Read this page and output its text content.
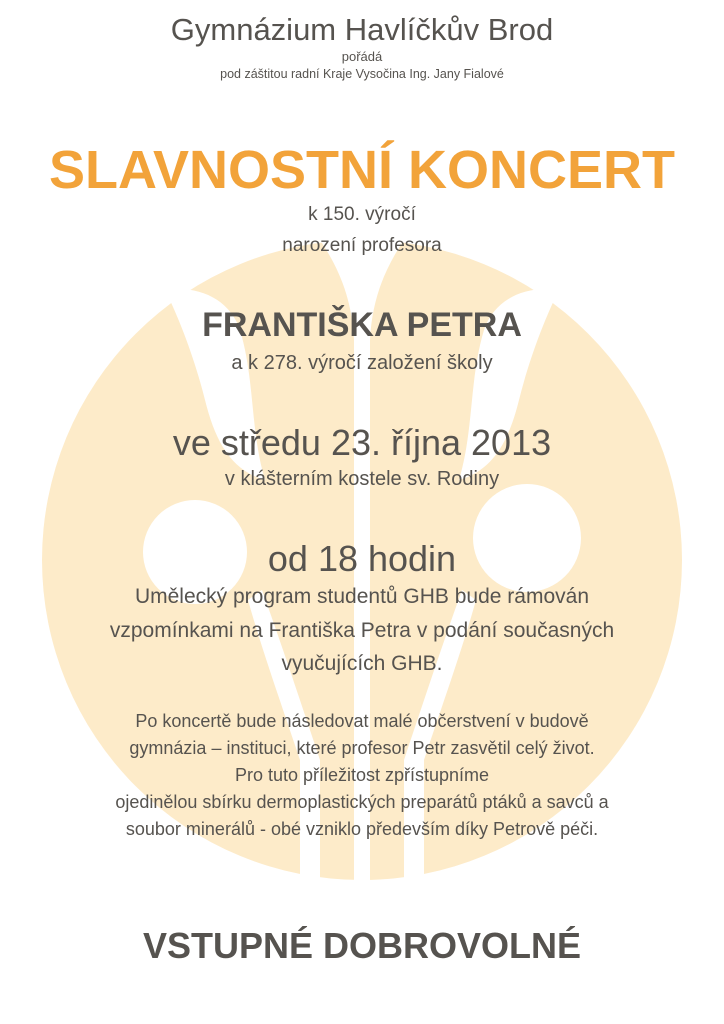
Gymnázium Havlíčkův Brod
pořádá
pod záštitou radní Kraje Vysočina Ing. Jany Fialové
SLAVNOSTNÍ KONCERT
k 150. výročí
narození profesora
FRANTIŠKA PETRA
a k 278. výročí založení školy
ve středu 23. října 2013
v klášterním kostele sv. Rodiny
od 18 hodin
Umělecký program studentů GHB bude rámován
vzpomínkami na Františka Petra v podání současných
vyučujících GHB.
Po koncertě bude následovat malé občerstvení v budově
gymnázia – instituci, které profesor Petr zasvětil celý život.
Pro tuto příležitost zpřístupníme
ojedinělou sbírku dermoplastických preparátů ptáků a savců a
soubor minerálů - obé vzniklo především díky Petrově péči.
VSTUPNÉ DOBROVOLNÉ
